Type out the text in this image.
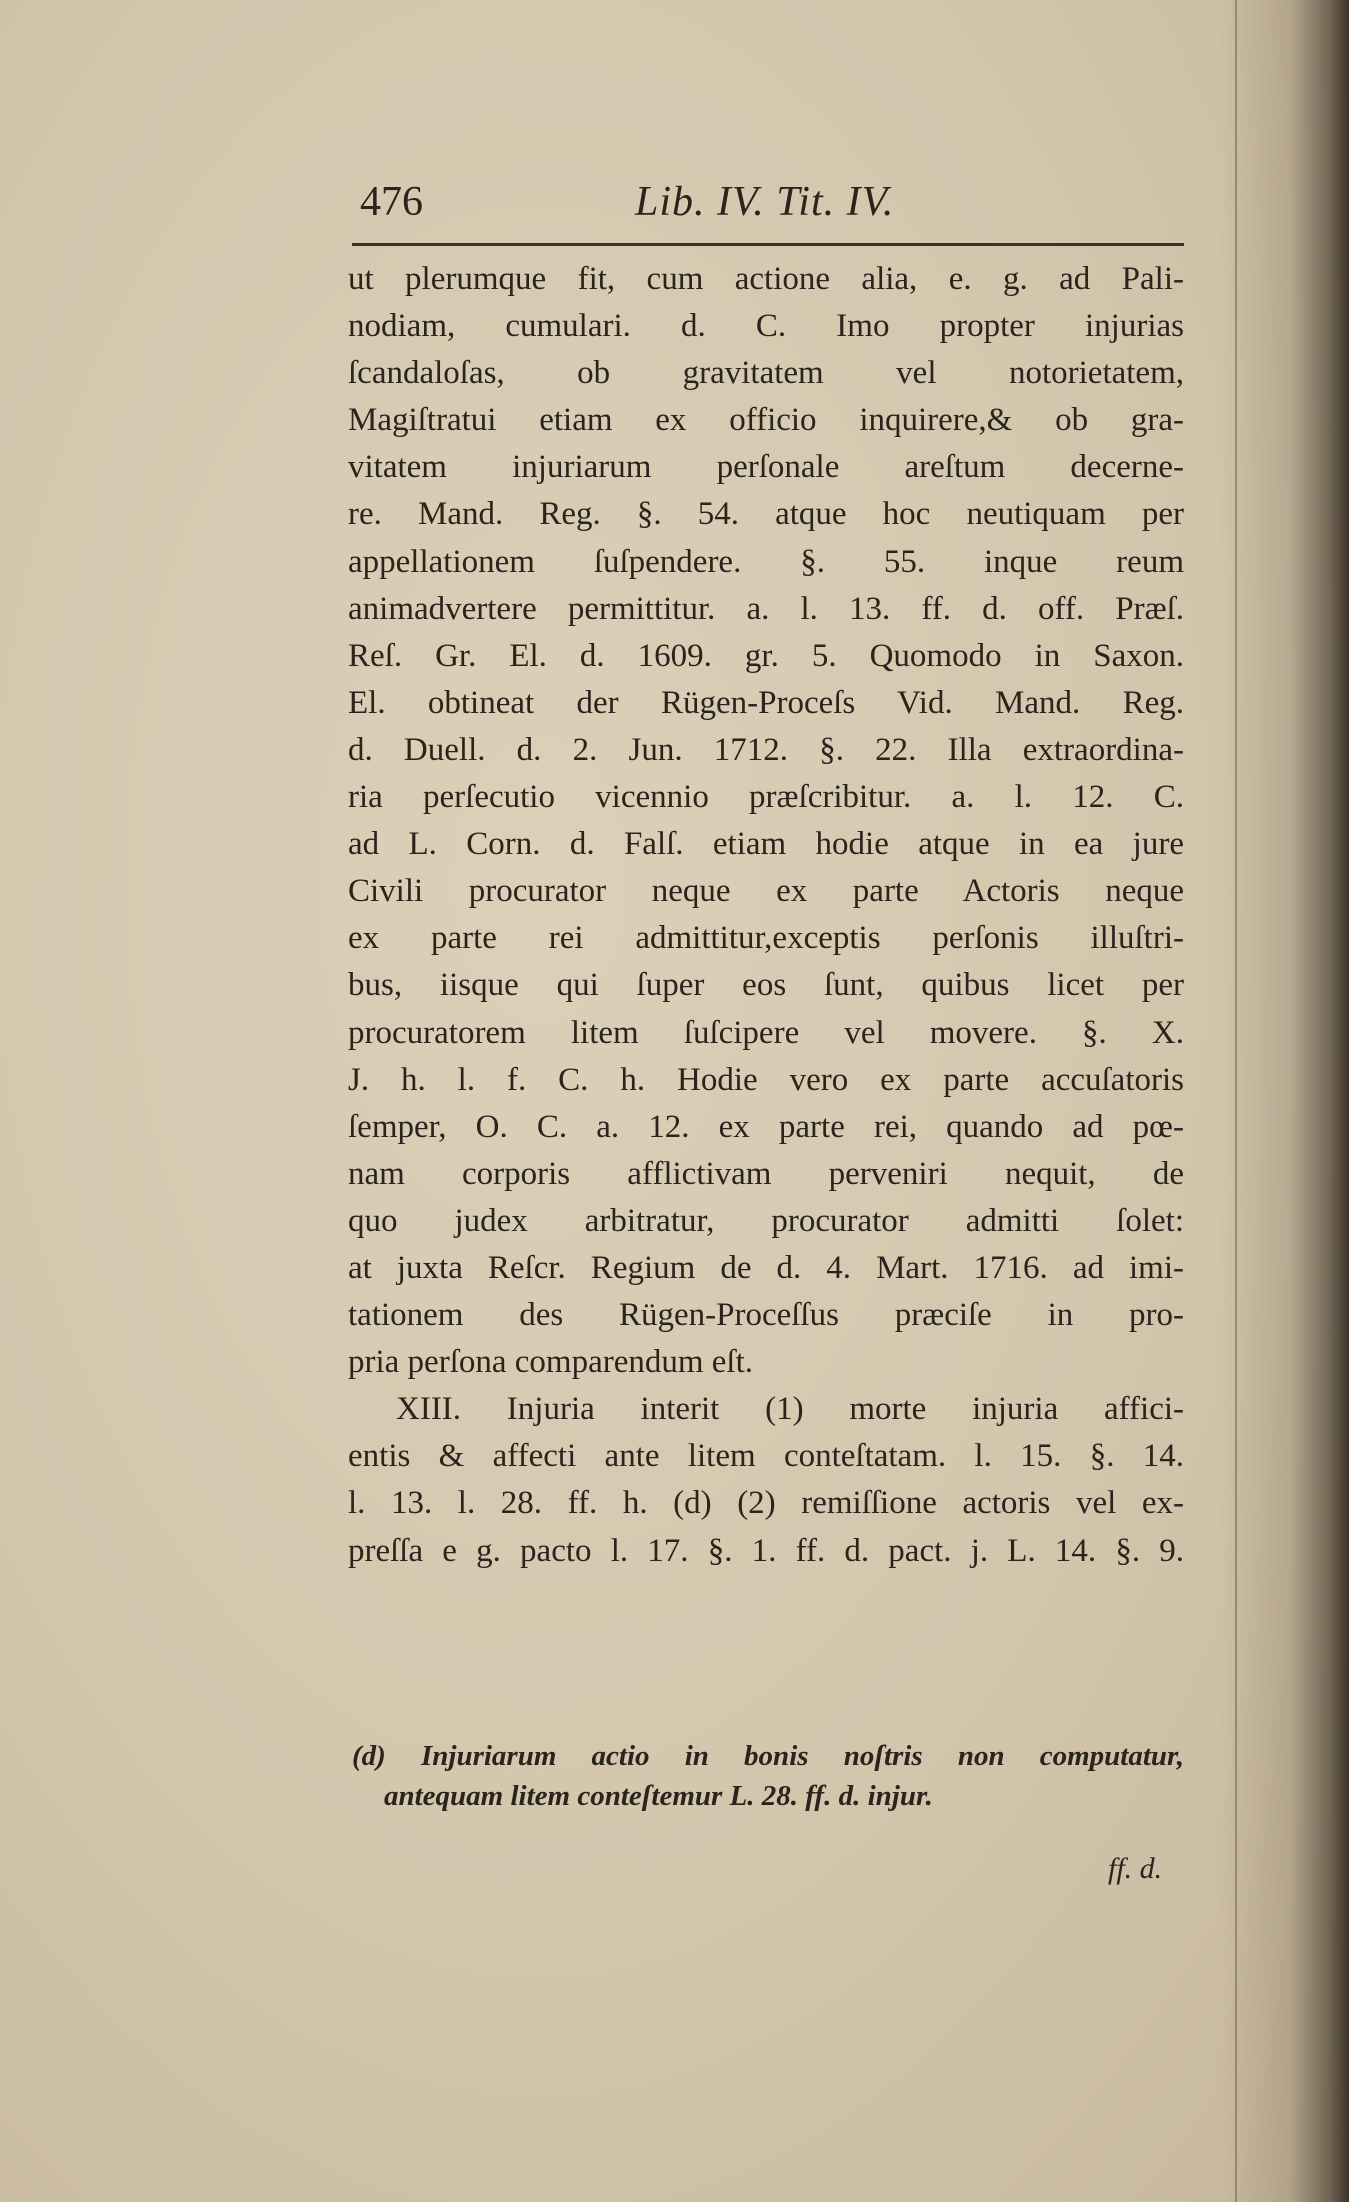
476	Lib. IV. Tit. IV.
ut plerumque fit, cum actione alia, e. g. ad Pali-
nodiam, cumulari. d. C. Imo propter injurias
ſcandaloſas, ob gravitatem vel notorietatem,
Magiſtratui etiam ex officio inquirere,& ob gra-
vitatem injuriarum perſonale areſtum decerne-
re. Mand. Reg. §. 54. atque hoc neutiquam per
appellationem ſuſpendere. §. 55. inque reum
animadvertere permittitur. a. l. 13. ff. d. off. Præſ.
Reſ. Gr. El. d. 1609. gr. 5. Quomodo in Saxon.
El. obtineat der Rügen-Proceſs Vid. Mand. Reg.
d. Duell. d. 2. Jun. 1712. §. 22. Illa extraordina-
ria perſecutio vicennio præſcribitur. a. l. 12. C.
ad L. Corn. d. Falſ. etiam hodie atque in ea jure
Civili procurator neque ex parte Actoris neque
ex parte rei admittitur,exceptis perſonis illuſtri-
bus, iisque qui ſuper eos ſunt, quibus licet per
procuratorem litem ſuſcipere vel movere. §. X.
J. h. l. f. C. h. Hodie vero ex parte accuſatoris
ſemper, O. C. a. 12. ex parte rei, quando ad pœ-
nam corporis afflictivam perveniri nequit, de
quo judex arbitratur, procurator admitti ſolet:
at juxta Reſcr. Regium de d. 4. Mart. 1716. ad imi-
tationem des Rügen-Proceſſus præciſe in pro-
pria perſona comparendum eſt.
XIII. Injuria interit (1) morte injuria affici-
entis & affecti ante litem conteſtatam. l. 15. §. 14.
l. 13. l. 28. ff. h. (d) (2) remiſſione actoris vel ex-
preſſa e g. pacto l. 17. §. 1. ff. d. pact. j. L. 14. §. 9.
(d) Injuriarum actio in bonis noſtris non computatur,
antequam litem conteſtemur L. 28. ff. d. injur.
ff. d.
